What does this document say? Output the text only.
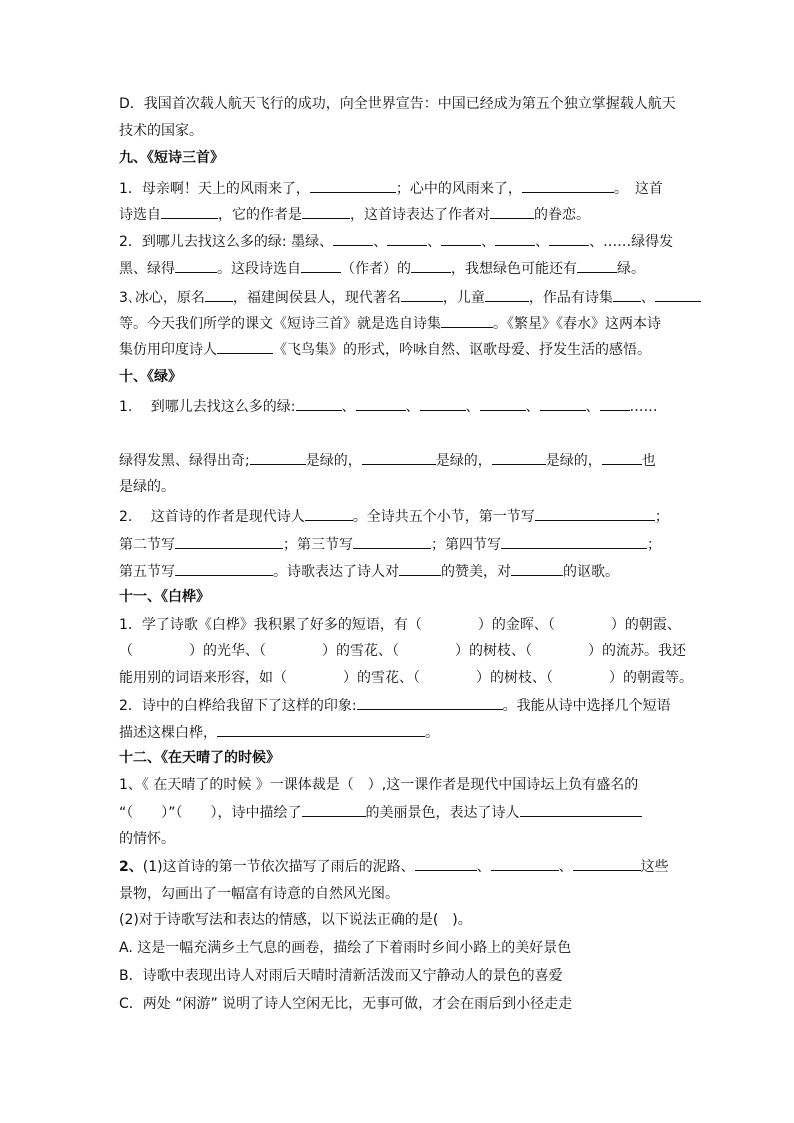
D．我国首次载人航天飞行的成功，向全世界宣告：中国已经成为第五个独立掌握载人航天
技术的国家。
九、《短诗三首》
1．母亲啊！天上的风雨来了，	；心中的风雨来了，	。　这首
诗选自	，它的作者是	，这首诗表达了作者对	的眷恋。
2．到哪儿去找这么多的绿: 墨绿、	、	、	、	、	、……绿得发
黑、绿得	。这段诗选自	（作者）的	，我想绿色可能还有	绿。
3､冰心，原名 ，福建闽侯县人，现代著名	，儿童	，作品有诗集 、
等。今天我们所学的课文《短诗三首》就是选自诗集	。《繁星》《春水》这两本诗
集仿用印度诗人	《飞鸟集》的形式，吟咏自然、讴歌母爱、抒发生活的感悟。
十、《绿》
1.　 到哪儿去找这么多的绿:	、	、	、	、	、 ……
绿得发黑、绿得出奇;	是绿的，	是绿的，	是绿的，	也
是绿的。
2.　 这首诗的作者是现代诗人	。全诗共五个小节，第一节写	；
第二节写	；第三节写	；第四节写	；
第五节写	。诗歌表达了诗人对	的赞美，对	的讴歌。
十一、《白桦》
1．学了诗歌《白桦》我积累了好多的短语，有（　　　　）的金晖、（　　　　）的朝霞、
（　　　　）的光华、（　　　　）的雪花、（　　　　）的树枝、（　　　　）的流苏。我还
能用别的词语来形容，如（　　　　）的雪花、（　　　　）的树枝、（　　　　）的朝霞等。
2．诗中的白桦给我留下了这样的印象:	。我能从诗中选择几个短语
描述这棵白桦，	。
十二、《在天晴了的时候》
1、《 在天晴了的时候 》一课体裁是（　）,这一课作者是现代中国诗坛上负有盛名的
“（　　）”（　　），诗中描绘了	的美丽景色，表达了诗人
的情怀。
2、(1)这首诗的第一节依次描写了雨后的泥路、	、	、	这些
景物，勾画出了一幅富有诗意的自然风光图。
(2)对于诗歌写法和表达的情感，以下说法正确的是(　)。
A. 这是一幅充满乡土气息的画卷，描绘了下着雨时乡间小路上的美好景色
B．诗歌中表现出诗人对雨后天晴时清新活泼而又宁静动人的景色的喜爱
C．两处 “闲游” 说明了诗人空闲无比，无事可做，才会在雨后到小径走走
